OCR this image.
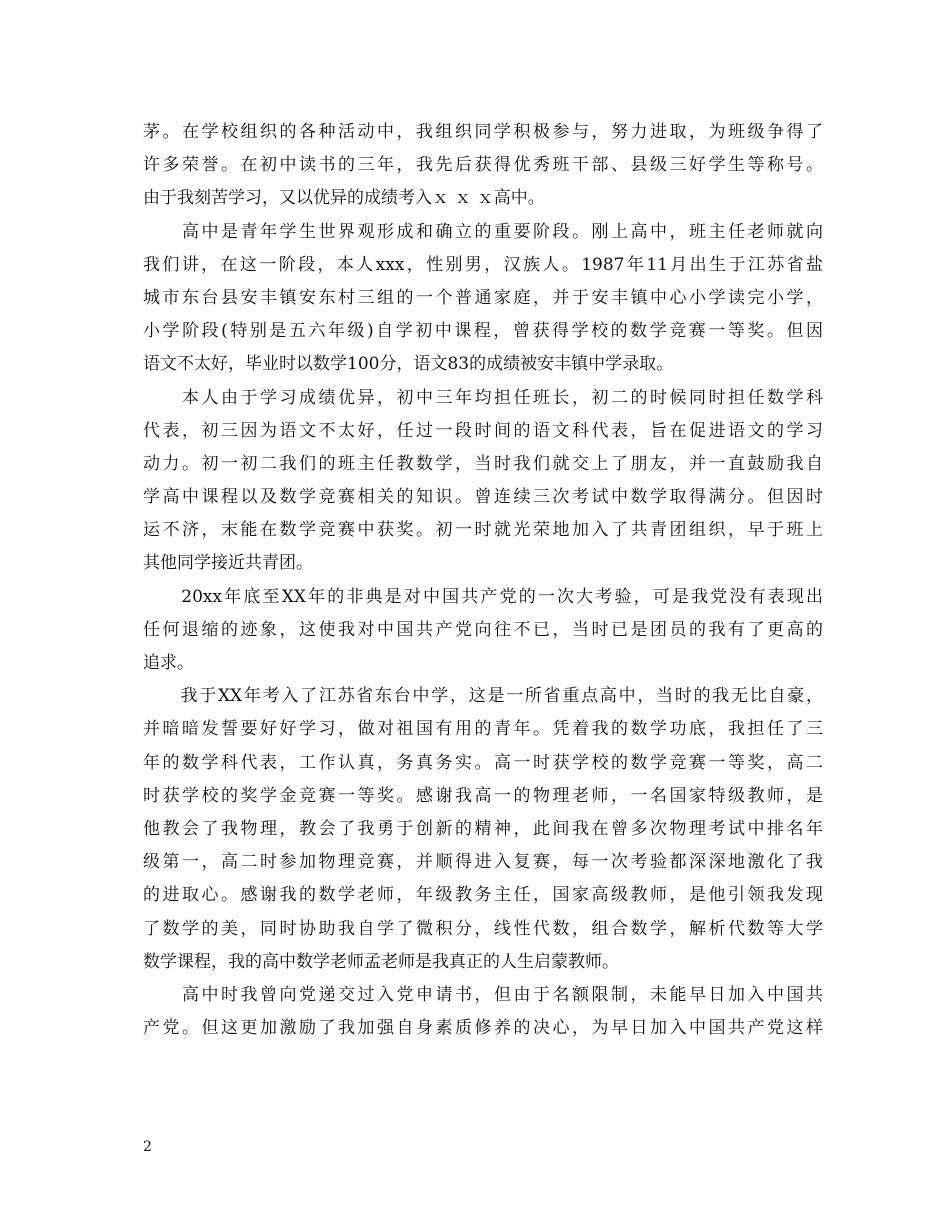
茅。在学校组织的各种活动中，我组织同学积极参与，努力进取，为班级争得了
许多荣誉。在初中读书的三年，我先后获得优秀班干部、县级三好学生等称号。
由于我刻苦学习，又以优异的成绩考入ｘ ｘ ｘ高中。
　　高中是青年学生世界观形成和确立的重要阶段。刚上高中，班主任老师就向
我们讲，在这一阶段，本人xxx，性别男，汉族人。1987年11月出生于江苏省盐
城市东台县安丰镇安东村三组的一个普通家庭，并于安丰镇中心小学读完小学，
小学阶段(特别是五六年级)自学初中课程，曾获得学校的数学竞赛一等奖。但因
语文不太好，毕业时以数学100分，语文83的成绩被安丰镇中学录取。
　　本人由于学习成绩优异，初中三年均担任班长，初二的时候同时担任数学科
代表，初三因为语文不太好，任过一段时间的语文科代表，旨在促进语文的学习
动力。初一初二我们的班主任教数学，当时我们就交上了朋友，并一直鼓励我自
学高中课程以及数学竞赛相关的知识。曾连续三次考试中数学取得满分。但因时
运不济，末能在数学竞赛中获奖。初一时就光荣地加入了共青团组织，早于班上
其他同学接近共青团。
　　20xx年底至XX年的非典是对中国共产党的一次大考验，可是我党没有表现出
任何退缩的迹象，这使我对中国共产党向往不已，当时已是团员的我有了更高的
追求。
　　我于XX年考入了江苏省东台中学，这是一所省重点高中，当时的我无比自豪，
并暗暗发誓要好好学习，做对祖国有用的青年。凭着我的数学功底，我担任了三
年的数学科代表，工作认真，务真务实。高一时获学校的数学竞赛一等奖，高二
时获学校的奖学金竞赛一等奖。感谢我高一的物理老师，一名国家特级教师，是
他教会了我物理，教会了我勇于创新的精神，此间我在曾多次物理考试中排名年
级第一，高二时参加物理竞赛，并顺得进入复赛，每一次考验都深深地激化了我
的进取心。感谢我的数学老师，年级教务主任，国家高级教师，是他引领我发现
了数学的美，同时协助我自学了微积分，线性代数，组合数学，解析代数等大学
数学课程，我的高中数学老师孟老师是我真正的人生启蒙教师。
　　高中时我曾向党递交过入党申请书，但由于名额限制，未能早日加入中国共
产党。但这更加激励了我加强自身素质修养的决心，为早日加入中国共产党这样
2
